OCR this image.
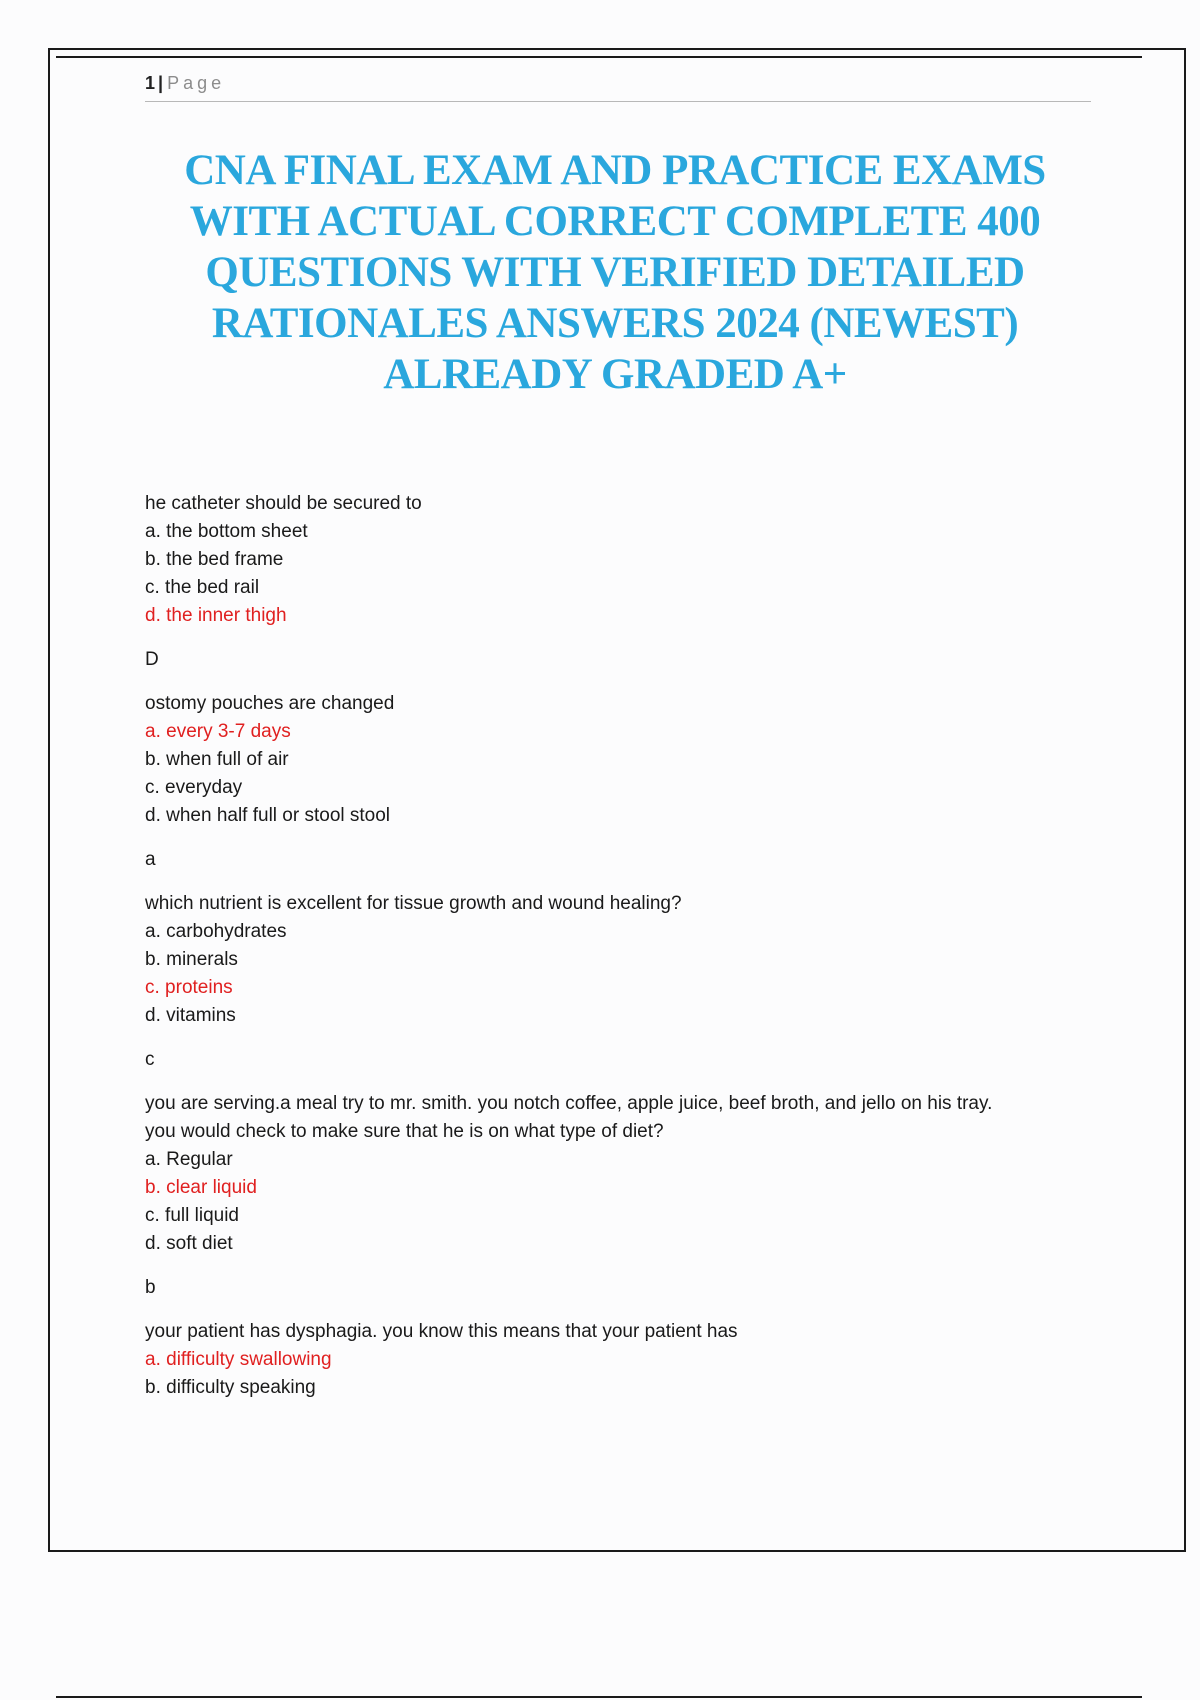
1 | Page
CNA FINAL EXAM AND PRACTICE EXAMS
WITH ACTUAL CORRECT COMPLETE 400
QUESTIONS WITH VERIFIED DETAILED
RATIONALES ANSWERS 2024 (NEWEST)
ALREADY GRADED A+

he catheter should be secured to

a. the bottom sheet

b. the bed frame

c. the bed rail

d. the inner thigh

D

ostomy pouches are changed

a. every 3-7 days

b. when full of air

c. everyday

d. when half full or stool stool

a

which nutrient is excellent for tissue growth and wound healing?

a. carbohydrates

b. minerals

c. proteins

d. vitamins

c

you are serving.a meal try to mr. smith. you notch coffee, apple juice, beef broth, and jello on his tray.

you would check to make sure that he is on what type of diet?

a. Regular

b. clear liquid

c. full liquid

d. soft diet

b

your patient has dysphagia. you know this means that your patient has

a. difficulty swallowing

b. difficulty speaking
